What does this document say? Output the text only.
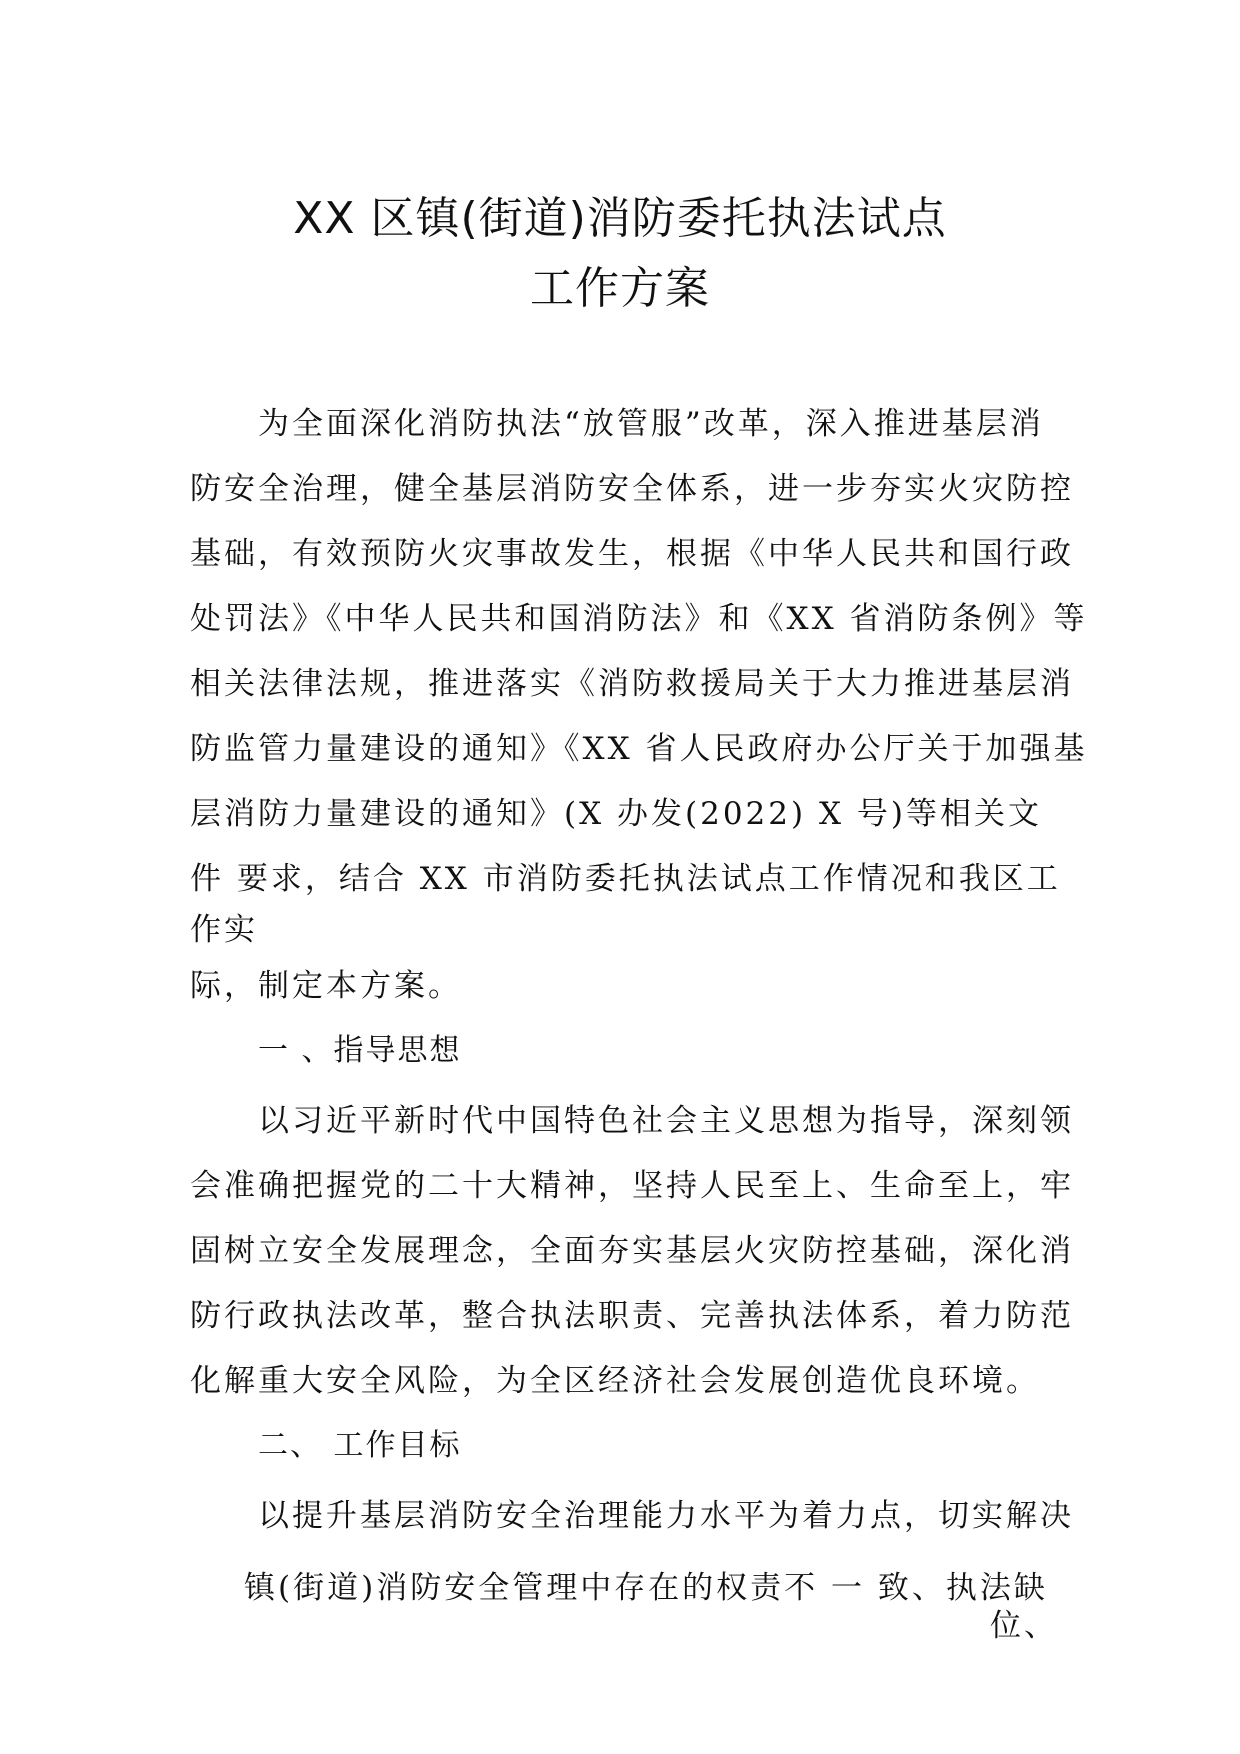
XX 区镇(街道)消防委托执法试点
工作方案
为全面深化消防执法“放管服”改革，深入推进基层消
防安全治理，健全基层消防安全体系，进一步夯实火灾防控
基础，有效预防火灾事故发生，根据《中华人民共和国行政
处罚法》《中华人民共和国消防法》和《XX 省消防条例》等
相关法律法规，推进落实《消防救援局关于大力推进基层消
防监管力量建设的通知》《XX 省人民政府办公厅关于加强基
层消防力量建设的通知》(X 办发(2022) X 号)等相关文
件 要求，结合 XX 市消防委托执法试点工作情况和我区工
作实
际，制定本方案。
一 、指导思想
以习近平新时代中国特色社会主义思想为指导，深刻领
会准确把握党的二十大精神，坚持人民至上、生命至上，牢
固树立安全发展理念，全面夯实基层火灾防控基础，深化消
防行政执法改革，整合执法职责、完善执法体系，着力防范
化解重大安全风险，为全区经济社会发展创造优良环境。
二、 工作目标
以提升基层消防安全治理能力水平为着力点，切实解决
镇(街道)消防安全管理中存在的权责不 一 致、执法缺
位、
